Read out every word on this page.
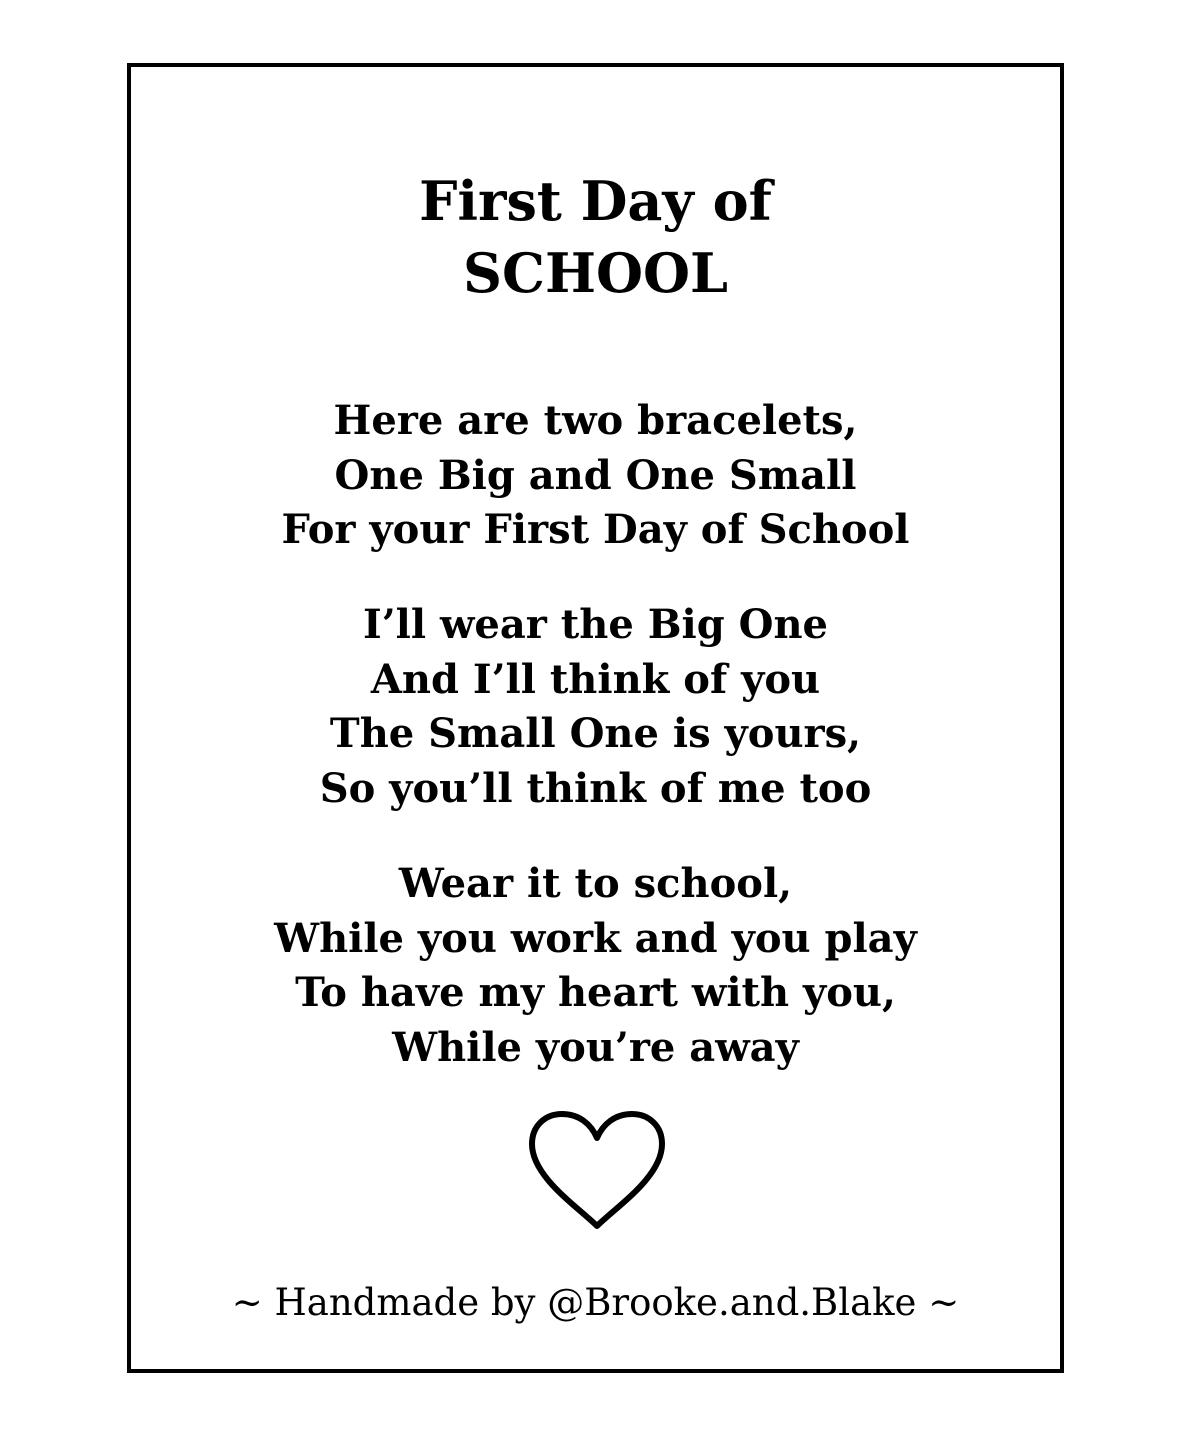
First Day of
SCHOOL
Here are two bracelets,
One Big and One Small
For your First Day of School
I’ll wear the Big One
And I’ll think of you
The Small One is yours,
So you’ll think of me too
Wear it to school,
While you work and you play
To have my heart with you,
While you’re away
~ Handmade by @Brooke.and.Blake ~
